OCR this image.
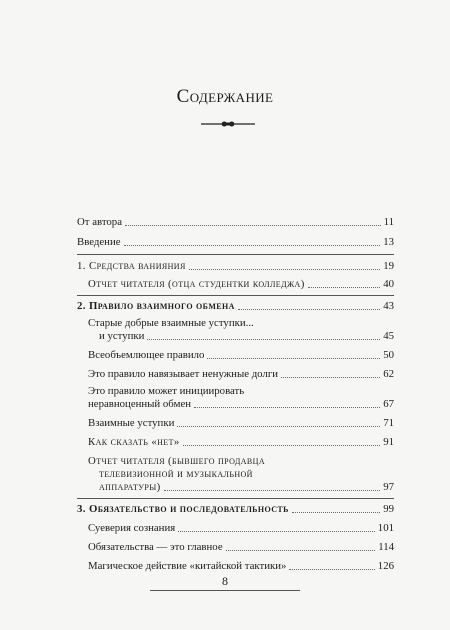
Содержание
От автора	11
Введение	13
1. Средства ванияния	19
Отчет читателя (отца студентки колледжа)	40
2. Правило взаимного обмена	43
Старые добрые взаимные уступки...
и уступки	45
Всеобъемлющее правило	50
Это правило навязывает ненужные долги	62
Это правило может инициировать
неравноценный обмен	67
Взаимные уступки	71
Как сказать «нет»	91
Отчет читателя (бывшего продавца
телевизионной и музыкальной
аппаратуры)	97
3. Обязательство и последовательность	99
Суеверия сознания	101
Обязательства — это главное	114
Магическое действие «китайской тактики»	126
8
